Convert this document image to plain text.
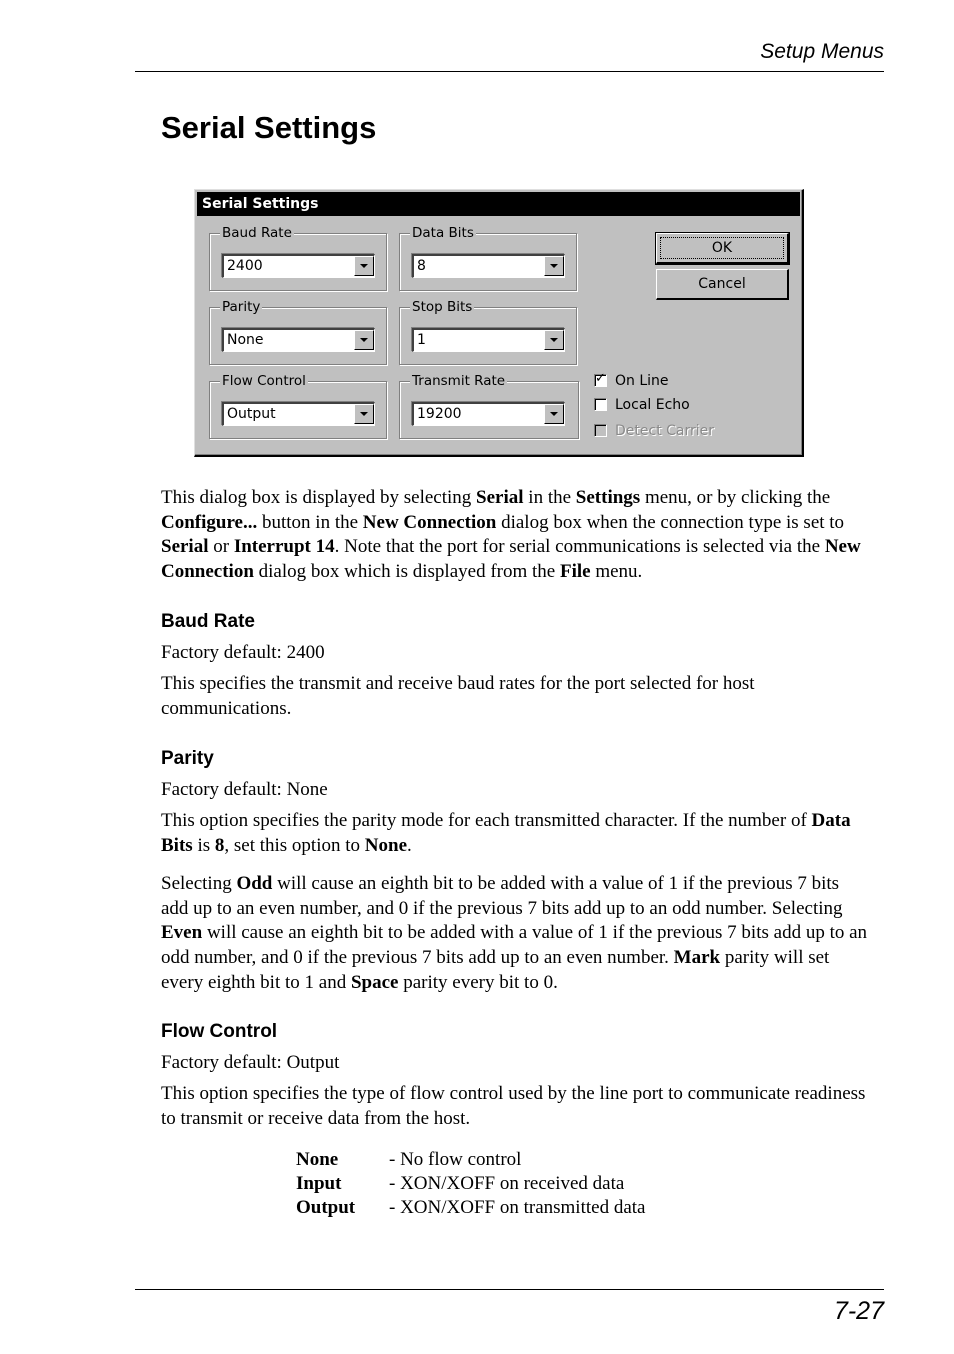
Setup Menus
Serial Settings
Serial Settings
Baud Rate
2400
Data Bits
8
Parity
None
Stop Bits
1
Flow Control
Output
Transmit Rate
19200
OK
Cancel
✓On Line
Local Echo
Detect Carrier

This dialog box is displayed by selecting Serial in the Settings menu, or by clicking the Configure... button in the New Connection dialog box when the connection type is set to Serial or Interrupt 14. Note that the port for serial communications is selected via the New Connection dialog box which is displayed from the File menu.

Baud Rate

Factory default: 2400

This specifies the transmit and receive baud rates for the port selected for host communications.

Parity

Factory default: None

This option specifies the parity mode for each transmitted character. If the number of Data Bits is 8, set this option to None.

Selecting Odd will cause an eighth bit to be added with a value of 1 if the previous 7 bits add up to an even number, and 0 if the previous 7 bits add up to an odd number. Selecting Even will cause an eighth bit to be added with a value of 1 if the previous 7 bits add up to an odd number, and 0 if the previous 7 bits add up to an even number. Mark parity will set every eighth bit to 1 and Space parity every bit to 0.

Flow Control

Factory default: Output

This option specifies the type of flow control used by the line port to communicate readiness to transmit or receive data from the host.

None	- No flow control
Input	- XON/XOFF on received data
Output - XON/XOFF on transmitted data
7-27
